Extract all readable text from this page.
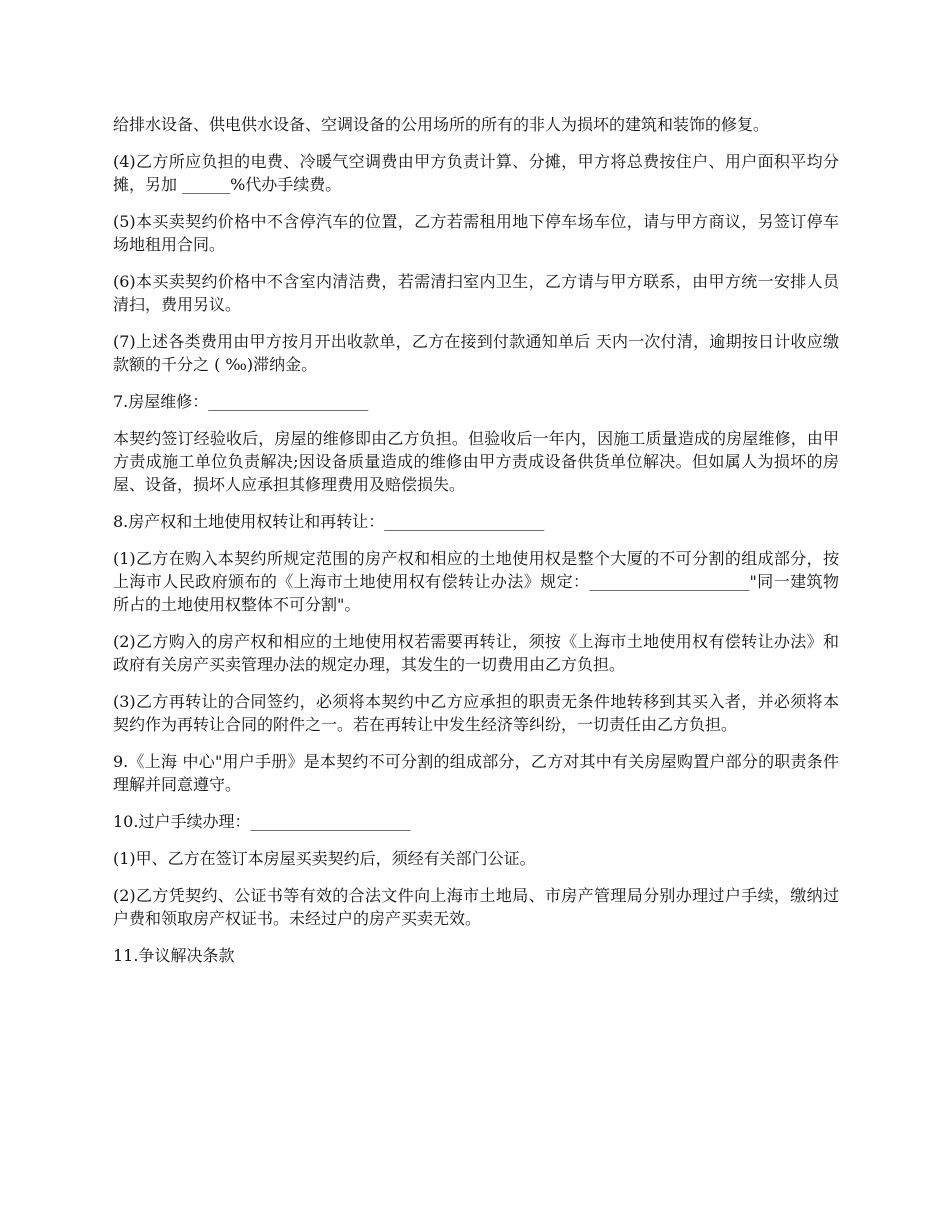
给排水设备、供电供水设备、空调设备的公用场所的所有的非人为损坏的建筑和装饰的修复。

(4)乙方所应负担的电费、冷暖气空调费由甲方负责计算、分摊，甲方将总费按住户、用户面积平均分摊，另加 ______%代办手续费。

(5)本买卖契约价格中不含停汽车的位置，乙方若需租用地下停车场车位，请与甲方商议，另签订停车场地租用合同。

(6)本买卖契约价格中不含室内清洁费，若需清扫室内卫生，乙方请与甲方联系，由甲方统一安排人员清扫，费用另议。

(7)上述各类费用由甲方按月开出收款单，乙方在接到付款通知单后 天内一次付清，逾期按日计收应缴款额的千分之 ( ‰)滞纳金。

7.房屋维修：____________________

本契约签订经验收后，房屋的维修即由乙方负担。但验收后一年内，因施工质量造成的房屋维修，由甲方责成施工单位负责解决;因设备质量造成的维修由甲方责成设备供货单位解决。但如属人为损坏的房屋、设备，损坏人应承担其修理费用及赔偿损失。

8.房产权和土地使用权转让和再转让：____________________

(1)乙方在购入本契约所规定范围的房产权和相应的土地使用权是整个大厦的不可分割的组成部分，按上海市人民政府颁布的《上海市土地使用权有偿转让办法》规定：____________________"同一建筑物所占的土地使用权整体不可分割"。

(2)乙方购入的房产权和相应的土地使用权若需要再转让，须按《上海市土地使用权有偿转让办法》和政府有关房产买卖管理办法的规定办理，其发生的一切费用由乙方负担。

(3)乙方再转让的合同签约，必须将本契约中乙方应承担的职责无条件地转移到其买入者，并必须将本契约作为再转让合同的附件之一。若在再转让中发生经济等纠纷，一切责任由乙方负担。

9.《上海 中心"用户手册》是本契约不可分割的组成部分，乙方对其中有关房屋购置户部分的职责条件理解并同意遵守。

10.过户手续办理：____________________

(1)甲、乙方在签订本房屋买卖契约后，须经有关部门公证。

(2)乙方凭契约、公证书等有效的合法文件向上海市土地局、市房产管理局分别办理过户手续，缴纳过户费和领取房产权证书。未经过户的房产买卖无效。

11.争议解决条款
